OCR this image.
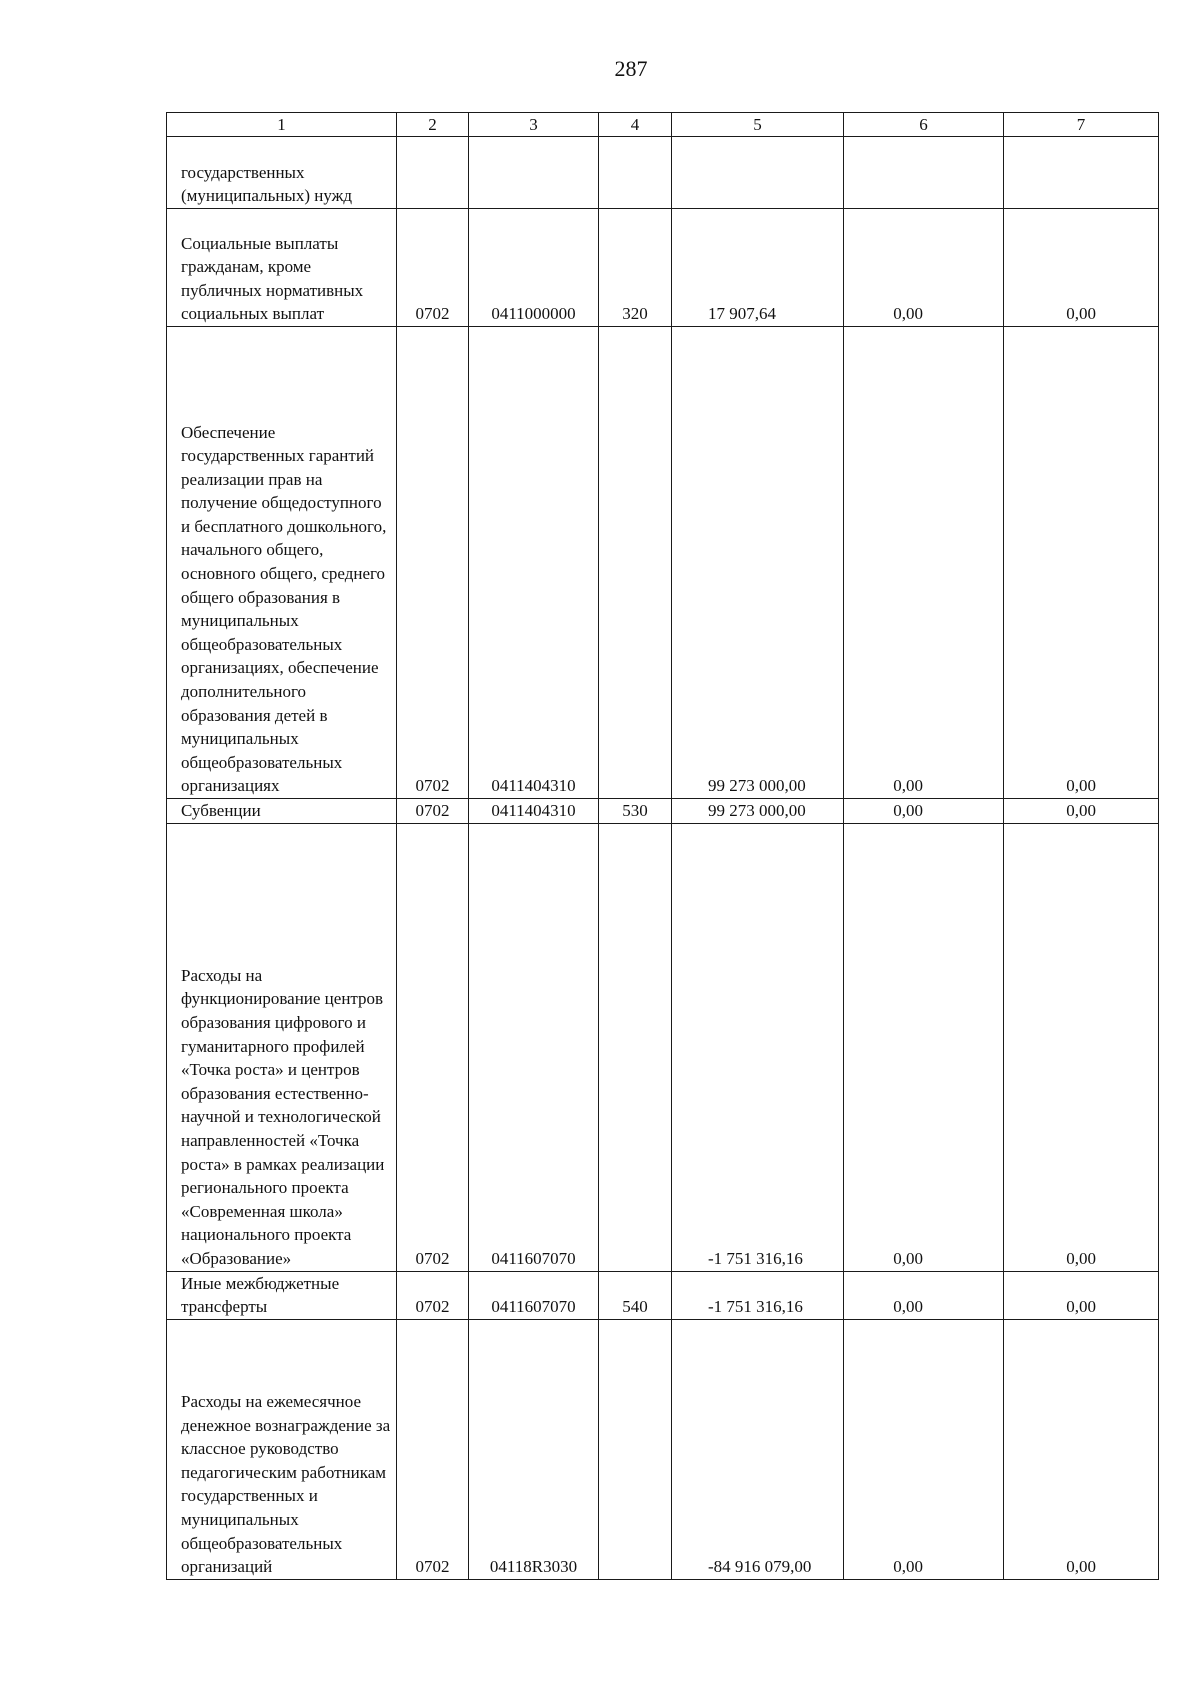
287
1	2	3	4	5	6	7

государственных (муниципальных) нужд						

Социальные выплаты гражданам, кроме публичных нормативных социальных выплат	0702	0411000000	320	17 907,64	0,00	0,00

Обеспечение государственных гарантий реализации прав на получение общедоступного и бесплатного дошкольного, начального общего, основного общего, среднего общего образования в муниципальных общеобразовательных организациях, обеспечение дополнительного образования детей в муниципальных общеобразовательных организациях	0702	0411404310		99 273 000,00	0,00	0,00

Субвенции	0702	0411404310	530	99 273 000,00	0,00	0,00

Расходы на функционирование центров образования цифрового и гуманитарного профилей «Точка роста» и центров образования естественно-научной и технологической направленностей «Точка роста» в рамках реализации регионального проекта «Современная школа» национального проекта «Образование»	0702	0411607070		-1 751 316,16	0,00	0,00

Иные межбюджетные трансферты	0702	0411607070	540	-1 751 316,16	0,00	0,00

Расходы на ежемесячное денежное вознаграждение за классное руководство педагогическим работникам государственных и муниципальных общеобразовательных организаций	0702	04118R3030		-84 916 079,00	0,00	0,00
